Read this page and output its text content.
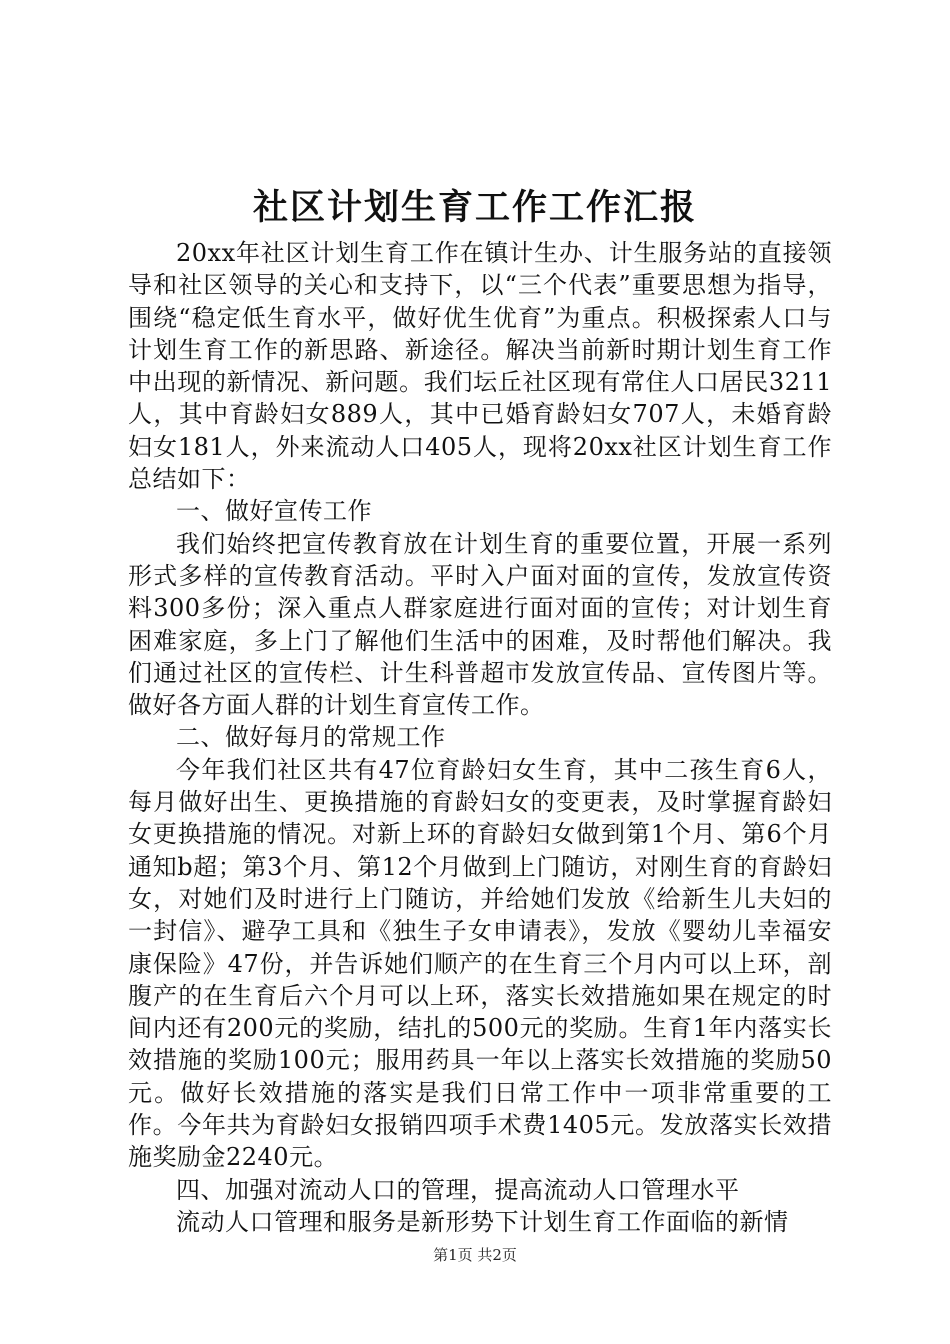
社区计划生育工作工作汇报

20xx年社区计划生育工作在镇计生办、计生服务站的直接领导和社区领导的关心和支持下，以“三个代表”重要思想为指导，围绕“稳定低生育水平，做好优生优育”为重点。积极探索人口与计划生育工作的新思路、新途径。解决当前新时期计划生育工作中出现的新情况、新问题。我们坛丘社区现有常住人口居民3211人，其中育龄妇女889人，其中已婚育龄妇女707人，未婚育龄妇女181人，外来流动人口405人，现将20xx社区计划生育工作总结如下：

一、做好宣传工作

我们始终把宣传教育放在计划生育的重要位置，开展一系列形式多样的宣传教育活动。平时入户面对面的宣传，发放宣传资料300多份；深入重点人群家庭进行面对面的宣传；对计划生育困难家庭，多上门了解他们生活中的困难，及时帮他们解决。我们通过社区的宣传栏、计生科普超市发放宣传品、宣传图片等。做好各方面人群的计划生育宣传工作。

二、做好每月的常规工作

今年我们社区共有47位育龄妇女生育，其中二孩生育6人，每月做好出生、更换措施的育龄妇女的变更表，及时掌握育龄妇女更换措施的情况。对新上环的育龄妇女做到第1个月、第6个月通知b超；第3个月、第12个月做到上门随访，对刚生育的育龄妇女，对她们及时进行上门随访，并给她们发放《给新生儿夫妇的一封信》、避孕工具和《独生子女申请表》，发放《婴幼儿幸福安康保险》47份，并告诉她们顺产的在生育三个月内可以上环，剖腹产的在生育后六个月可以上环，落实长效措施如果在规定的时间内还有200元的奖励，结扎的500元的奖励。生育1年内落实长效措施的奖励100元；服用药具一年以上落实长效措施的奖励50元。做好长效措施的落实是我们日常工作中一项非常重要的工作。今年共为育龄妇女报销四项手术费1405元。发放落实长效措施奖励金2240元。

四、加强对流动人口的管理，提高流动人口管理水平

流动人口管理和服务是新形势下计划生育工作面临的新情

第1页 共2页
